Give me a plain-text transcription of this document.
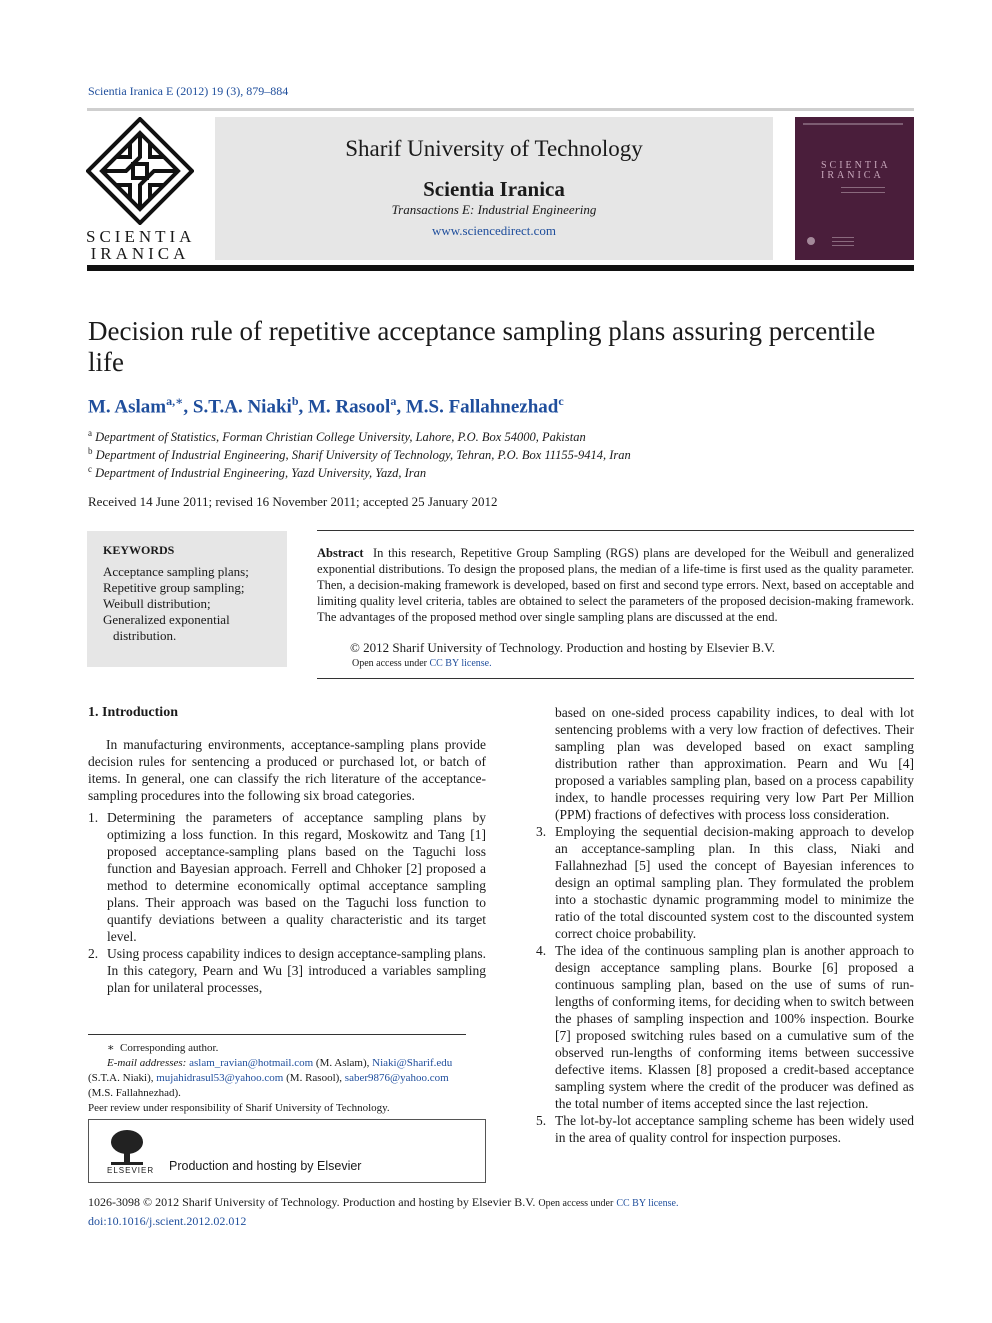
Scientia Iranica E (2012) 19 (3), 879–884
SCIENTIA
IRANICA
Sharif University of Technology
Scientia Iranica
Transactions E: Industrial Engineering
www.sciencedirect.com
SCIENTIA
IRANICA
Decision rule of repetitive acceptance sampling plans assuring percentile life
M. Aslam$^{a,∗}$, S.T.A. Niaki$^b$, M. Rasool$^a$, M.S. Fallahnezhad$^c$
$^a$ Department of Statistics, Forman Christian College University, Lahore, P.O. Box 54000, Pakistan
$^b$ Department of Industrial Engineering, Sharif University of Technology, Tehran, P.O. Box 11155-9414, Iran
$^c$ Department of Industrial Engineering, Yazd University, Yazd, Iran
Received 14 June 2011; revised 16 November 2011; accepted 25 January 2012
KEYWORDS
Acceptance sampling plans;
Repetitive group sampling;
Weibull distribution;
Generalized exponential
distribution.
Abstract In this research, Repetitive Group Sampling (RGS) plans are developed for the Weibull and generalized exponential distributions. To design the proposed plans, the median of a life-time is first used as the quality parameter. Then, a decision-making framework is developed, based on first and second type errors. Next, based on acceptable and limiting quality level criteria, tables are obtained to select the parameters of the proposed decision-making framework. The advantages of the proposed method over single sampling plans are discussed at the end.
© 2012 Sharif University of Technology. Production and hosting by Elsevier B.V.
Open access under CC BY license.
1. Introduction
In manufacturing environments, acceptance-sampling plans provide decision rules for sentencing a produced or purchased lot, or batch of items. In general, one can classify the rich literature of the acceptance-sampling procedures into the following six broad categories.
1. Determining the parameters of acceptance sampling plans by optimizing a loss function. In this regard, Moskowitz and Tang [1] proposed acceptance-sampling plans based on the Taguchi loss function and Bayesian approach. Ferrell and Chhoker [2] proposed a method to determine economically optimal acceptance sampling plans. Their approach was based on the Taguchi loss function to quantify deviations between a quality characteristic and its target level.
2. Using process capability indices to design acceptance-sampling plans. In this category, Pearn and Wu [3] introduced a variables sampling plan for unilateral processes,
based on one-sided process capability indices, to deal with lot sentencing problems with a very low fraction of defectives. Their sampling plan was developed based on exact sampling distribution rather than approximation. Pearn and Wu [4] proposed a variables sampling plan, based on a process capability index, to handle processes requiring very low Part Per Million (PPM) fractions of defectives with process loss consideration.
3. Employing the sequential decision-making approach to develop an acceptance-sampling plan. In this class, Niaki and Fallahnezhad [5] used the concept of Bayesian inferences to design an optimal sampling plan. They formulated the problem into a stochastic dynamic programming model to minimize the ratio of the total discounted system cost to the discounted system correct choice probability.
4. The idea of the continuous sampling plan is another approach to design acceptance sampling plans. Bourke [6] proposed a continuous sampling plan, based on the use of sums of run-lengths of conforming items, for deciding when to switch between the phases of sampling inspection and 100% inspection. Bourke [7] proposed switching rules based on a cumulative sum of the observed run-lengths of conforming items between successive defective items. Klassen [8] proposed a credit-based acceptance sampling system where the credit of the producer was defined as the total number of items accepted since the last rejection.
5. The lot-by-lot acceptance sampling scheme has been widely used in the area of quality control for inspection purposes.
∗ Corresponding author.
E-mail addresses: aslam_ravian@hotmail.com (M. Aslam), Niaki@Sharif.edu
(S.T.A. Niaki), mujahidrasul53@yahoo.com (M. Rasool), saber9876@yahoo.com
(M.S. Fallahnezhad).
Peer review under responsibility of Sharif University of Technology.
ELSEVIER Production and hosting by Elsevier
1026-3098 © 2012 Sharif University of Technology. Production and hosting by Elsevier B.V. Open access under CC BY license.
doi:10.1016/j.scient.2012.02.012
